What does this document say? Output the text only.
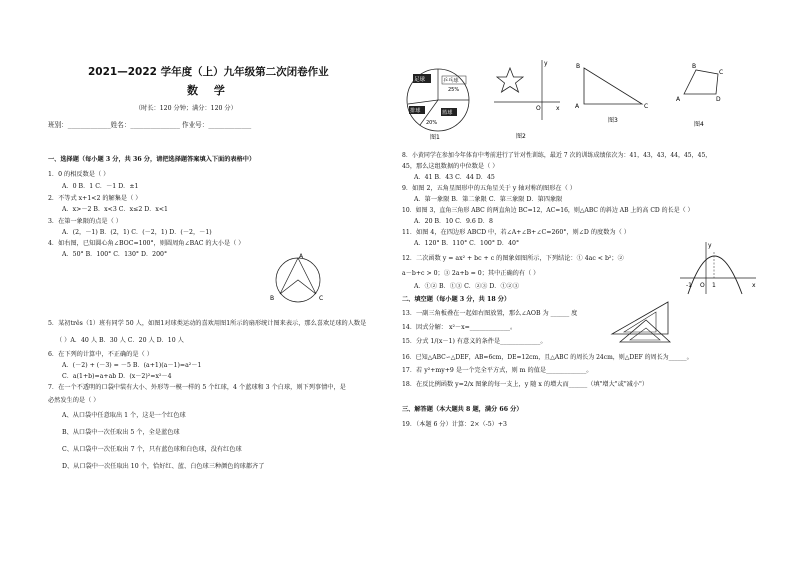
2021—2022 学年度（上）九年级第二次闭卷作业
数 学
（时长：120 分钟；满分：120 分）
班别：_____________姓名：_______________ 作业号：_____________
一、选择题（每小题 3 分，共 36 分，请把选择题答案填入下面的表格中）
1．0 的相反数是（ ）
A．0 B．1 C．－1 D．±1
2．不等式 x+1<2 的解集是（ ）
A．x>－2 B．x<3 C．x≤2 D．x<1
3．在第一象限的点是（ ）
A．(2，－1) B．(2，1) C．(－2，1) D．(－2，－1)
4．如右图，已知圆心角∠BOC=100°，则圆周角∠BAC 的大小是（ ）
A．50° B．100° C．130° D．200°	A
B	C
5．某初três（1）班有同学 50 人，如图1对球类运动的喜欢用图1所示的扇形统计图来表示，那么喜欢足球的人数是
（ ）A．40 人 B．30 人 C．20 人 D．10 人
6．在下列的计算中，不正确的是（ ）
A．(－2) + (－3) = －5 B．(a+1)(a－1)=a²－1
C．a(1+b)=a+ab D．(x－2)²=x²－4
7．在一个不透明的口袋中装有大小、外形等一模一样的 5 个红球，4 个蓝球和 3 个白球，则下列事情中，是
必然发生的是（ ）
A、从口袋中任意取出 1 个，这是一个红色球
B、从口袋中一次任取出 5 个，全是蓝色球
C、从口袋中一次任取出 7 个，只有蓝色球和白色球，没有红色球
D、从口袋中一次任取出 10 个，恰好红、蓝、白色球三种颜色的球都齐了
足球	乒乓球
25%
篮球
排球
20%
图1
y
x
O
图2
B
A	C
图3
A
B
C
D
图4
8．小黄同学在参加今年体育中考前进行了针对性训练，最近 7 次的训练成绩依次为：41，43，43，44，45，45，
45，那么这组数据的中位数是（ ）
A．41 B．43 C．44 D．45
9．如图 2，五角星图形中的五角星关于 y 轴对称的图形在（ ）
A．第一象限 B．第二象限 C．第三象限 D．第四象限
10．如图 3，直角三角形 ABC 的两直角边 BC=12，AC=16，则△ABC 的斜边 AB 上的高 CD 的长是（ ）
A．20 B．10 C．9.6 D．8
11．如图 4，在四边形 ABCD 中，若∠A+∠B+∠C=260°，则∠D 的度数为（ ）
A．120° B．110° C．100° D．40°
12．二次函数 y = ax² + bc + c 的图象如图所示，下列结论：① 4ac < b²；②
a－b+c > 0；③ 2a+b = 0；其中正确的有（ ）
A．①② B．①③ C．②③ D．①②③
y
x
O
-1	1
二、填空题（每小题 3 分，共 18 分）
13．一副三角板叠在一起如右图放置，那么∠AOB 为 ______ 度
14．因式分解： x²－x=_____________。
15．分式 1/(x－1) 有意义的条件是_____________。
16．已知△ABC∽△DEF，AB=6cm，DE=12cm，且△ABC 的周长为 24cm，则△DEF 的周长为______。
17．若 y²+my+9 是一个完全平方式，则 m 的值是_____________。
18．在反比例函数 y=2/x 图象的每一支上，y 随 x 的增大而______（填"增大"或"减小"）
三、解答题（本大题共 8 题，满分 66 分）
19．（本题 6 分）计算：2×（-5）+3
